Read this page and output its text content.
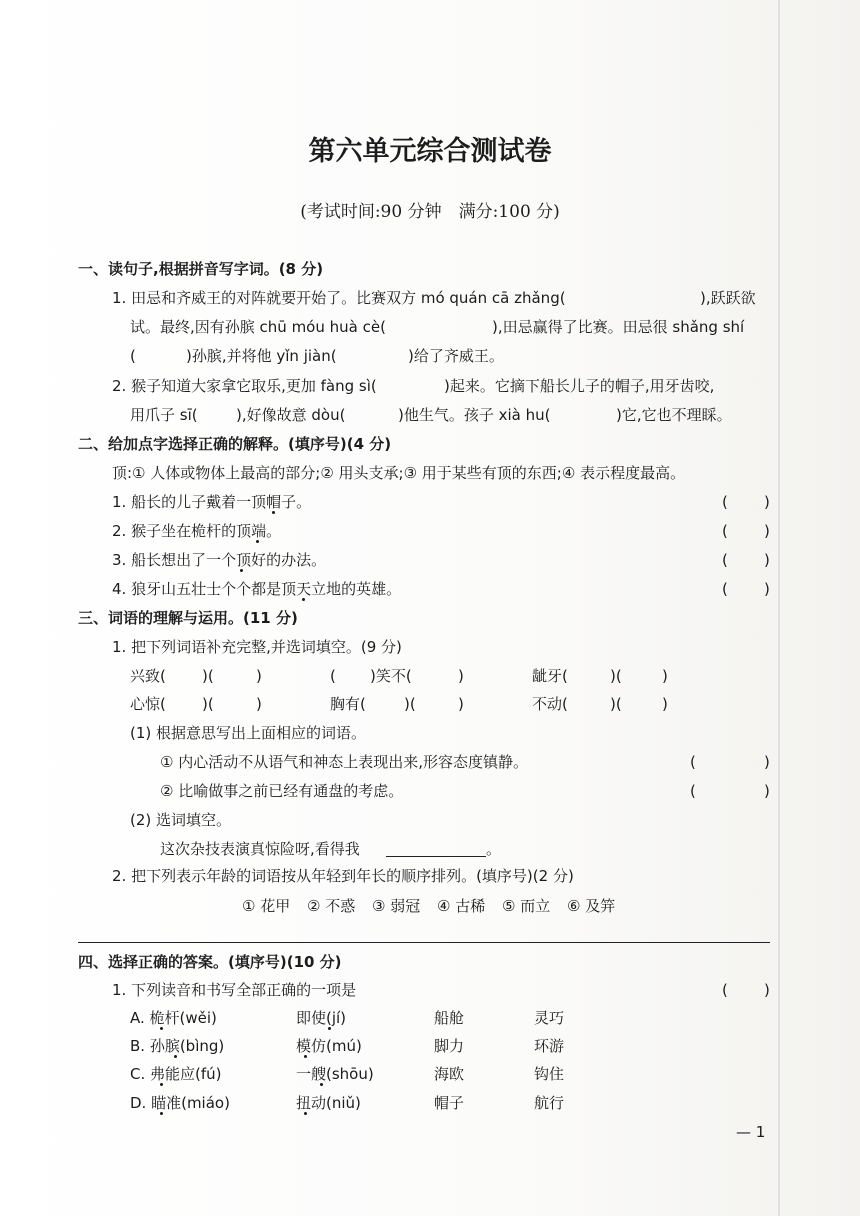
第六单元综合测试卷
(考试时间:90 分钟　满分:100 分)
一、读句子,根据拼音写字词。(8 分)
1. 田忌和齐威王的对阵就要开始了。比赛双方 mó quán cā zhǎng(	),跃跃欲
试。最终,因有孙膑 chū móu huà cè(	),田忌赢得了比赛。田忌很 shǎng shí
(	)孙膑,并将他 yǐn jiàn(	)给了齐威王。
2. 猴子知道大家拿它取乐,更加 fàng sì(	)起来。它摘下船长儿子的帽子,用牙齿咬,
用爪子 sī(	),好像故意 dòu(	)他生气。孩子 xià hu(	)它,它也不理睬。
二、给加点字选择正确的解释。(填序号)(4 分)
顶:① 人体或物体上最高的部分;② 用头支承;③ 用于某些有顶的东西;④ 表示程度最高。
1. 船长的儿子戴着一顶帽子。	( )
2. 猴子坐在桅杆的顶端。	( )
3. 船长想出了一个顶好的办法。	( )
4. 狼牙山五壮士个个都是顶天立地的英雄。	( )
三、词语的理解与运用。(11 分)
1. 把下列词语补充完整,并选词填空。(9 分)
兴致( )(	)	( )笑不(	)	龇牙(	)(	)
心惊( )(	)	胸有(	)(	)	不动(	)(	)
(1) 根据意思写出上面相应的词语。
① 内心活动不从语气和神态上表现出来,形容态度镇静。	(	)
② 比喻做事之前已经有通盘的考虑。	(	)
(2) 选词填空。
这次杂技表演真惊险呀,看得我	。
2. 把下列表示年龄的词语按从年轻到年长的顺序排列。(填序号)(2 分)
① 花甲 ② 不惑 ③ 弱冠 ④ 古稀 ⑤ 而立 ⑥ 及笄
四、选择正确的答案。(填序号)(10 分)
1. 下列读音和书写全部正确的一项是	( )
A. 桅杆(wěi)	即使(jí)	船舱	灵巧
B. 孙膑(bìng)	模仿(mú)	脚力	环游
C. 弗能应(fú)	一艘(shōu)	海欧	钩住
D. 瞄准(miáo)	扭动(niǔ)	帽子	航行
— 1
